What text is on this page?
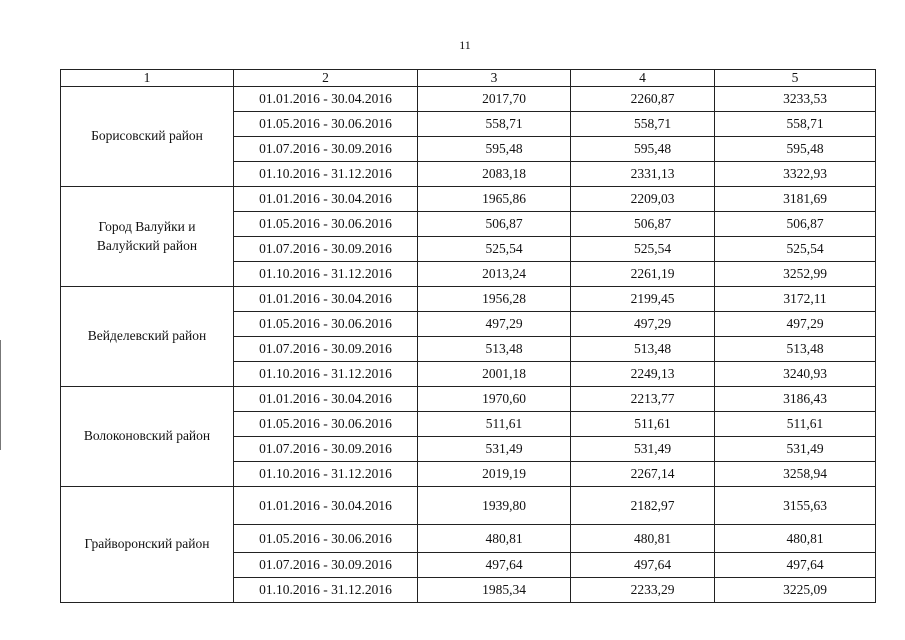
11
1	2	3	4	5
Борисовский район	01.01.2016 - 30.04.2016	2017,70	2260,87	3233,53
	01.05.2016 - 30.06.2016	558,71	558,71	558,71
	01.07.2016 - 30.09.2016	595,48	595,48	595,48
	01.10.2016 - 31.12.2016	2083,18	2331,13	3322,93
Город Валуйки и Валуйский район	01.01.2016 - 30.04.2016	1965,86	2209,03	3181,69
	01.05.2016 - 30.06.2016	506,87	506,87	506,87
	01.07.2016 - 30.09.2016	525,54	525,54	525,54
	01.10.2016 - 31.12.2016	2013,24	2261,19	3252,99
Вейделевский район	01.01.2016 - 30.04.2016	1956,28	2199,45	3172,11
	01.05.2016 - 30.06.2016	497,29	497,29	497,29
	01.07.2016 - 30.09.2016	513,48	513,48	513,48
	01.10.2016 - 31.12.2016	2001,18	2249,13	3240,93
Волоконовский район	01.01.2016 - 30.04.2016	1970,60	2213,77	3186,43
	01.05.2016 - 30.06.2016	511,61	511,61	511,61
	01.07.2016 - 30.09.2016	531,49	531,49	531,49
	01.10.2016 - 31.12.2016	2019,19	2267,14	3258,94
Грайворонский район	01.01.2016 - 30.04.2016	1939,80	2182,97	3155,63
	01.05.2016 - 30.06.2016	480,81	480,81	480,81
	01.07.2016 - 30.09.2016	497,64	497,64	497,64
	01.10.2016 - 31.12.2016	1985,34	2233,29	3225,09
